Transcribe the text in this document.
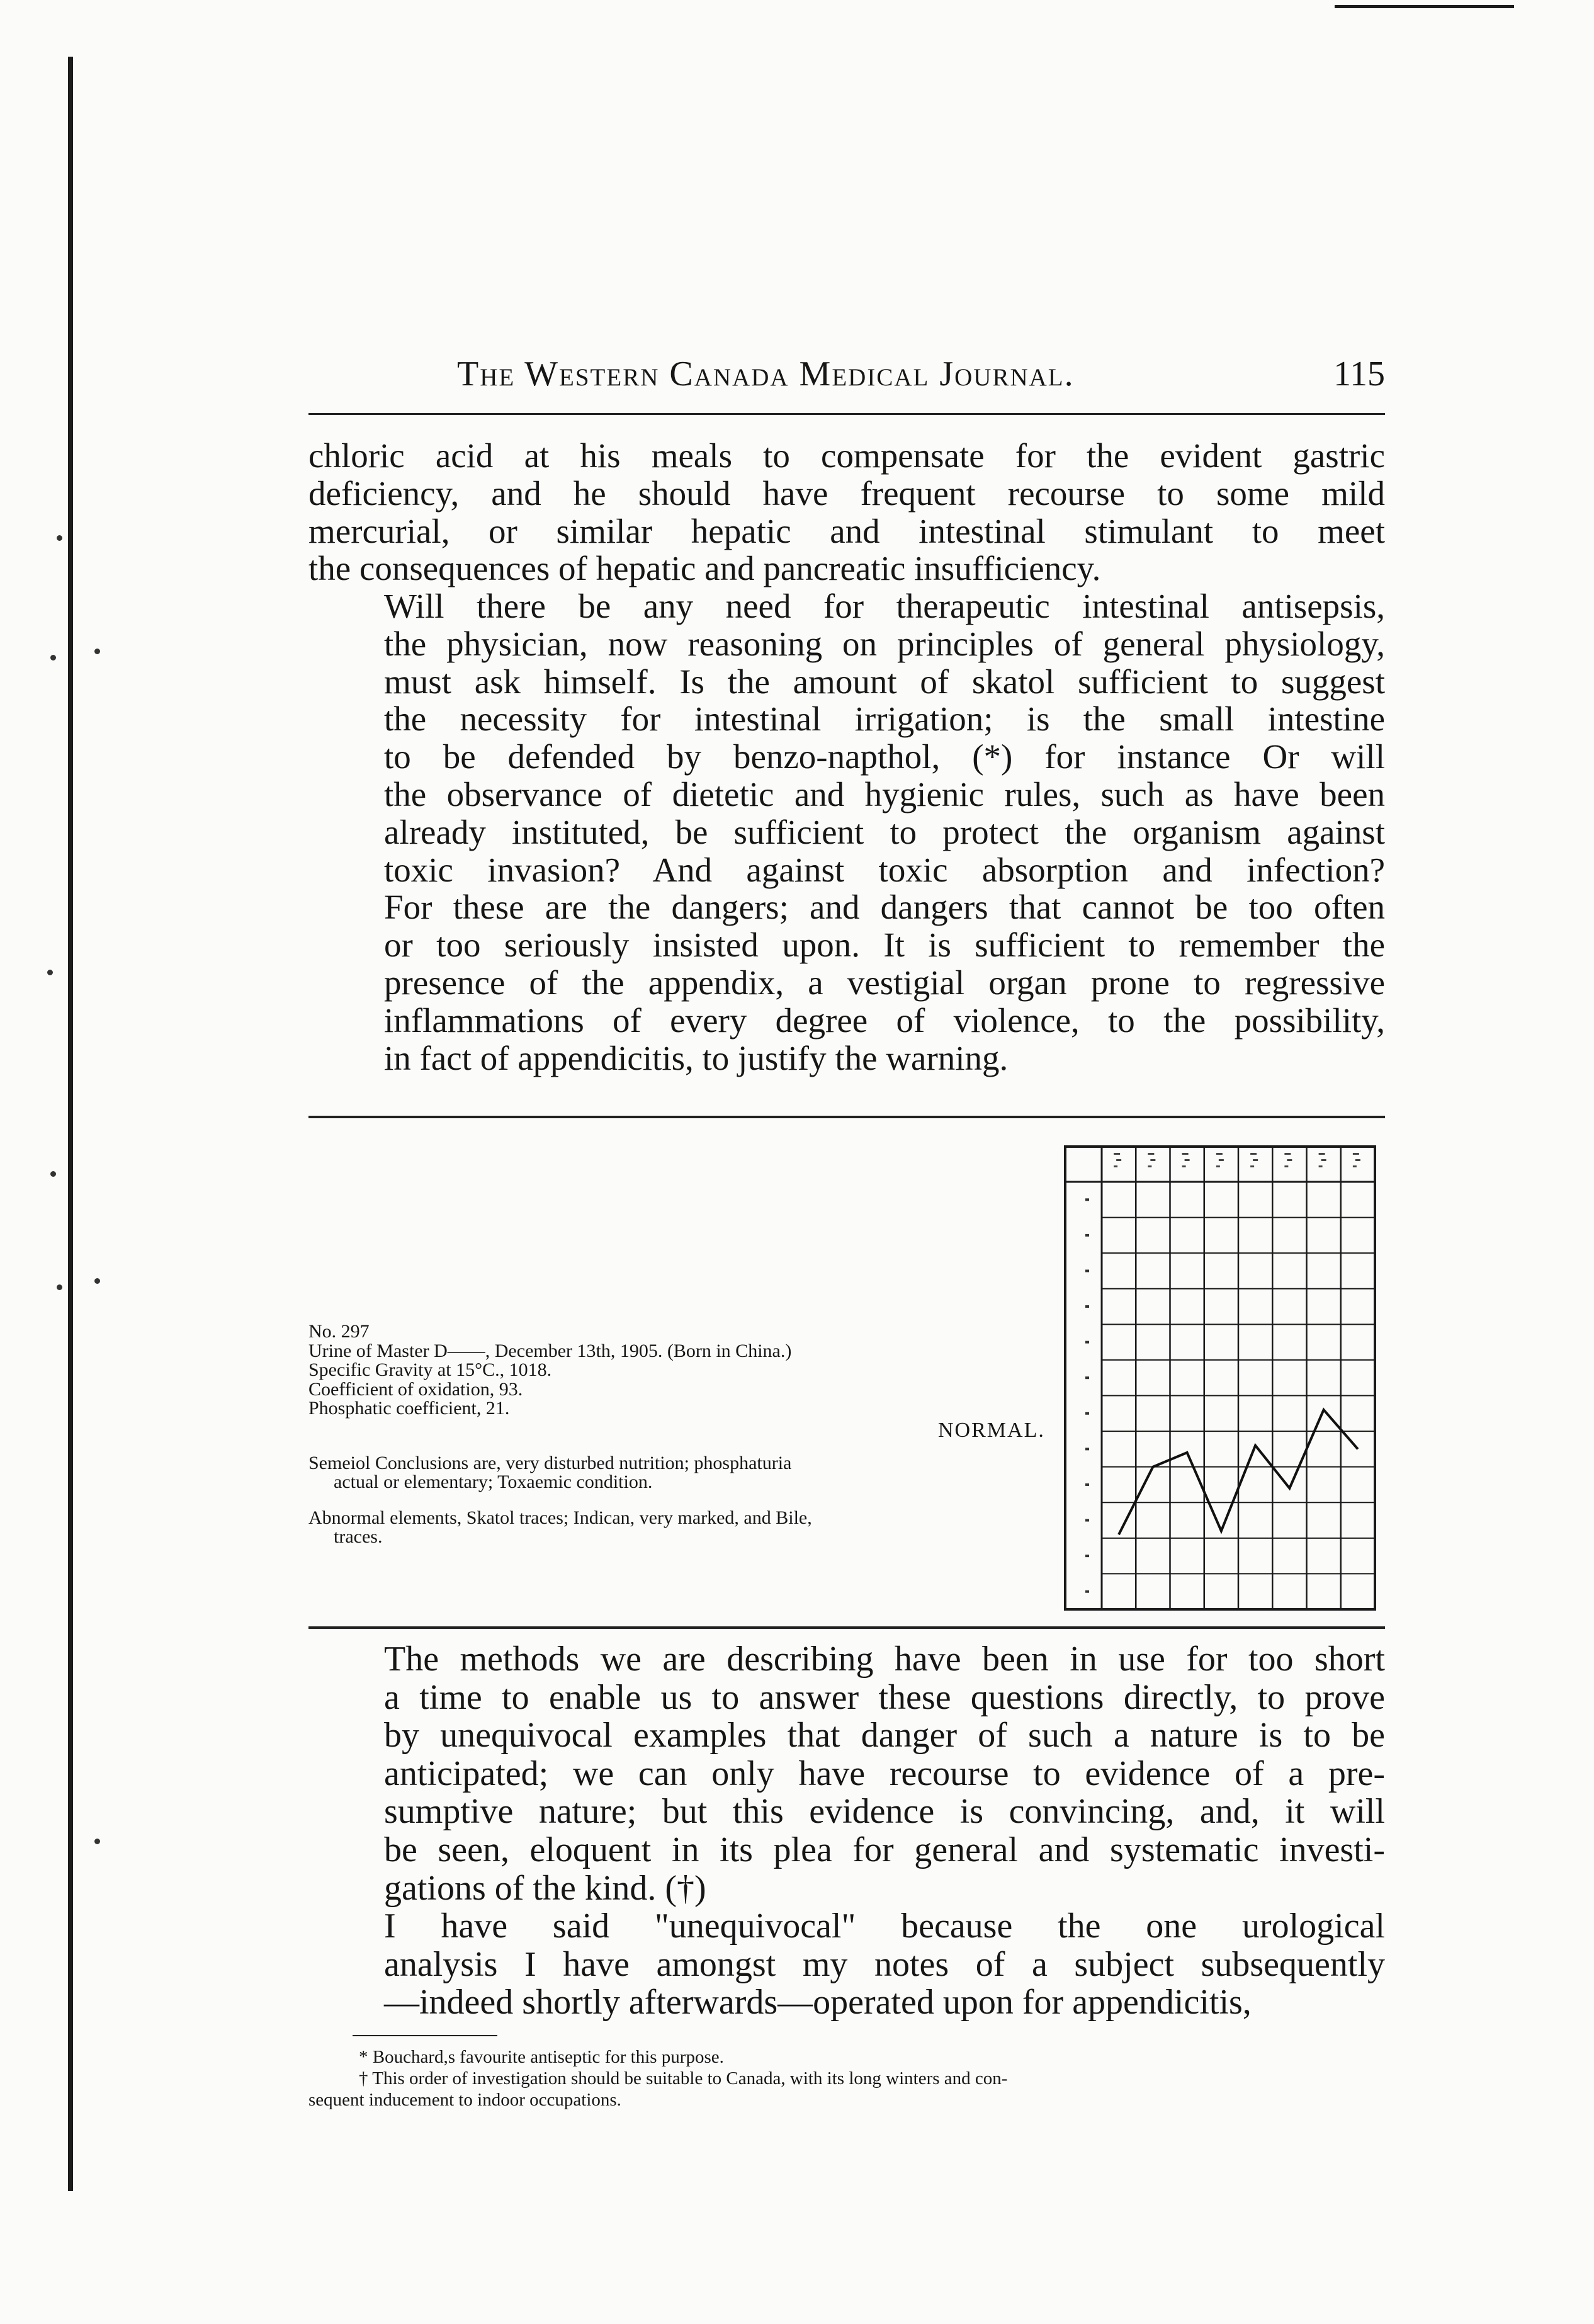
The Western Canada Medical Journal.	115
chloric acid at his meals to compensate for the evident gastric
deficiency, and he should have frequent recourse to some mild
mercurial, or similar hepatic and intestinal stimulant to meet
the consequences of hepatic and pancreatic insufficiency.
Will there be any need for therapeutic intestinal antisepsis,
the physician, now reasoning on principles of general physiology,
must ask himself. Is the amount of skatol sufficient to suggest
the necessity for intestinal irrigation; is the small intestine
to be defended by benzo-napthol, (*) for instance Or will
the observance of dietetic and hygienic rules, such as have been
already instituted, be sufficient to protect the organism against
toxic invasion? And against toxic absorption and infection?
For these are the dangers; and dangers that cannot be too often
or too seriously insisted upon. It is sufficient to remember the
presence of the appendix, a vestigial organ prone to regressive
inflammations of every degree of violence, to the possibility,
in fact of appendicitis, to justify the warning.
No. 297
Urine of Master D——, December 13th, 1905. (Born in China.)
Specific Gravity at 15°C., 1018.
Coefficient of oxidation, 93.
Phosphatic coefficient, 21.
Semeiol Conclusions are, very disturbed nutrition; phosphaturia
actual or elementary; Toxaemic condition.
Abnormal elements, Skatol traces; Indican, very marked, and Bile,
traces.
NORMAL.
The methods we are describing have been in use for too short
a time to enable us to answer these questions directly, to prove
by unequivocal examples that danger of such a nature is to be
anticipated; we can only have recourse to evidence of a pre-
sumptive nature; but this evidence is convincing, and, it will
be seen, eloquent in its plea for general and systematic investi-
gations of the kind. (†)
I have said "unequivocal" because the one urological
analysis I have amongst my notes of a subject subsequently
—indeed shortly afterwards—operated upon for appendicitis,
* Bouchard,s favourite antiseptic for this purpose.
† This order of investigation should be suitable to Canada, with its long winters and con-
sequent inducement to indoor occupations.
